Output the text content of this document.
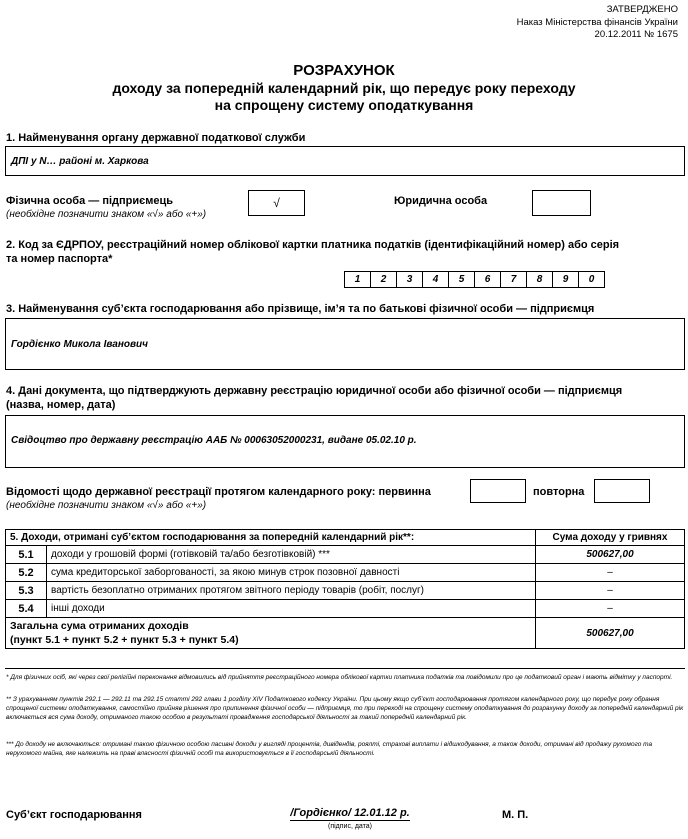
ЗАТВЕРДЖЕНО
Наказ Міністерства фінансів України
20.12.2011 № 1675
РОЗРАХУНОК
доходу за попередній календарний рік, що передує року переходу
на спрощену систему оподаткування
1. Найменування органу державної податкової служби
ДПІ у N… районі м. Харкова
Фізична особа — підприємець
(необхідне позначити знаком «√» або «+»)
√	Юридична особа
2. Код за ЄДРПОУ, реєстраційний номер облікової картки платника податків (ідентифікаційний номер) або серія
та номер паспорта*
1 2 3 4 5 6 7 8 9 0
3. Найменування суб’єкта господарювання або прізвище, ім’я та по батькові фізичної особи — підприємця
Гордієнко Микола Іванович
4. Дані документа, що підтверджують державну реєстрацію юридичної особи або фізичної особи — підприємця
(назва, номер, дата)
Свідоцтво про державну реєстрацію ААБ № 00063052000231, видане 05.02.10 р.
Відомості щодо державної реєстрації протягом календарного року: первинна
(необхідне позначити знаком «√» або «+»)
повторна
5. Доходи, отримані суб’єктом господарювання за попередній календарний рік**:		Сума доходу у гривнях
5.1	доходи у грошовій формі (готівковій та/або безготівковій) ***	500627,00
5.2	сума кредиторської заборгованості, за якою минув строк позовної давності	–
5.3	вартість безоплатно отриманих протягом звітного періоду товарів (робіт, послуг)	–
5.4	інші доходи	–

Загальна сума отриманих доходів
(пункт 5.1 + пункт 5.2 + пункт 5.3 + пункт 5.4)		500627,00
* Для фізичних осіб, які через свої релігійні переконання відмовились від прийняття реєстраційного номера облікової картки платника податків та повідомили про це податковий орган і мають відмітку у паспорті.
** З урахуванням пунктів 292.1 — 292.11 та 292.15 статті 292 глави 1 розділу XIV Податкового кодексу України. При цьому якщо суб’єкт господарювання протягом календарного року, що передує року обрання спрощеної системи оподаткування, самостійно прийняв рішення про припинення фізичної особи — підприємця, то при переході на спрощену систему оподаткування до розрахунку доходу за попередній календарний рік включається вся сума доходу, отриманого такою особою в результаті провадження господарської діяльності за такий попередній календарний рік.
*** До доходу не включаються: отримані такою фізичною особою пасивні доходи у вигляді процентів, дивідендів, роялті, страхові виплати і відшкодування, а також доходи, отримані від продажу рухомого та нерухомого майна, яке належить на праві власності фізичній особі та використовується в її господарській діяльності.
Суб’єкт господарювання	/Гордієнко/ 12.01.12 р.
(підпис, дата)
М. П.
